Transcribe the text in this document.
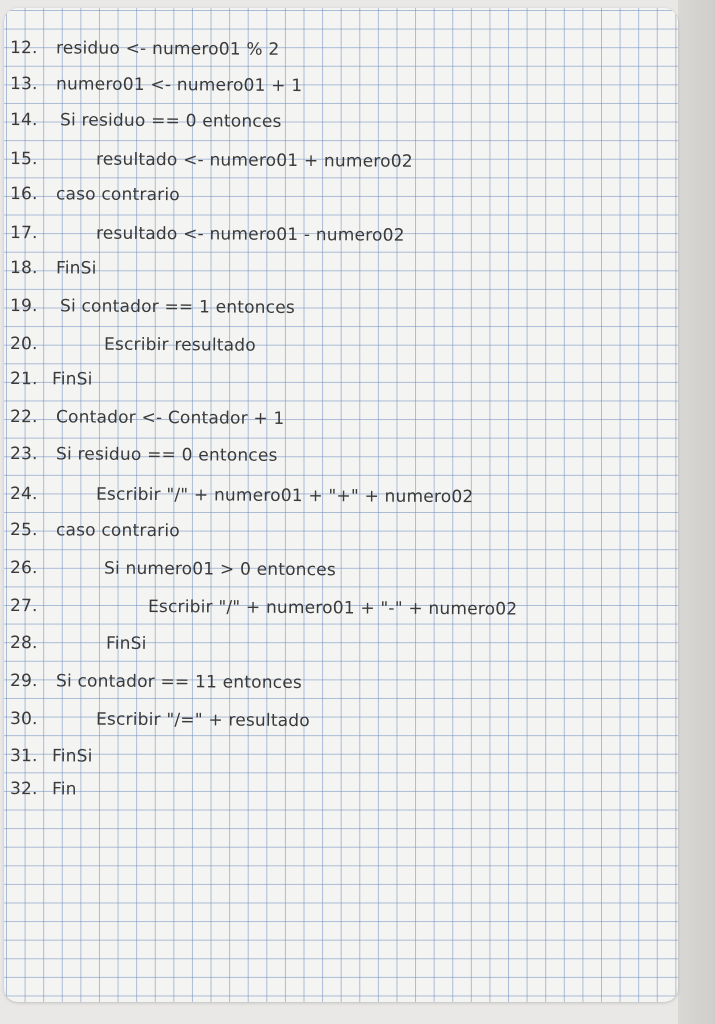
12. residuo <- numero01 % 2
13. numero01 <- numero01 + 1
14. Si residuo == 0 entonces
15.	resultado <- numero01 + numero02
16. caso contrario
17.	resultado <- numero01 - numero02
18. FinSi
19. Si contador == 1 entonces
20.	Escribir resultado
21. FinSi
22. Contador <- Contador + 1
23. Si residuo == 0 entonces
24.	Escribir "/" + numero01 + "+" + numero02
25. caso contrario
26.	Si numero01 > 0 entonces
27.	Escribir "/" + numero01 + "-" + numero02
28.	FinSi
29. Si contador == 11 entonces
30.	Escribir "/=" + resultado
31. FinSi
32. Fin
